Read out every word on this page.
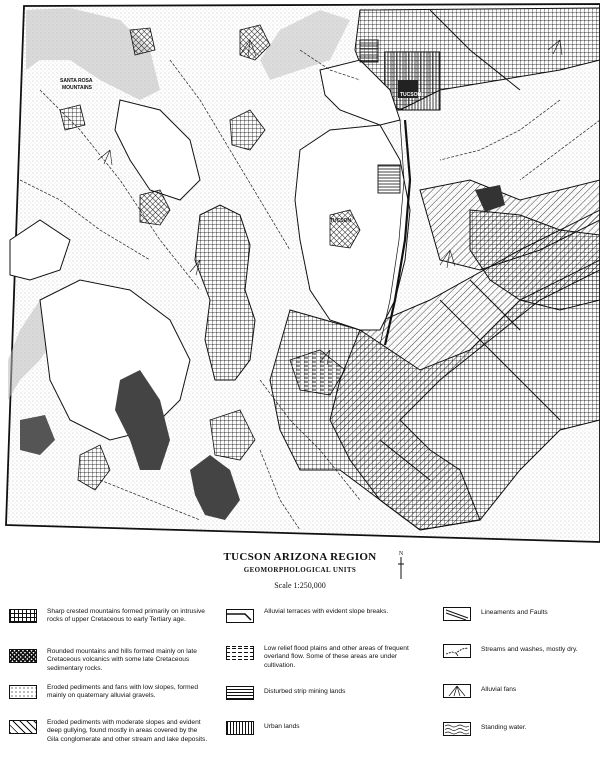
TUCSON
SANTA ROSA
MOUNTAINS
TUCSON
TUCSON ARIZONA REGION
GEOMORPHOLOGICAL UNITS
Scale 1:250,000
N
Sharp crested mountains formed primarily on intrusive rocks of upper Cretaceous to early Tertiary age.
Rounded mountains and hills formed mainly on late Cretaceous volcanics with some late Cretaceous sedimentary rocks.
Eroded pediments and fans with low slopes, formed mainly on quaternary alluvial gravels.
Eroded pediments with moderate slopes and evident deep gullying, found mostly in areas covered by the Gila conglomerate and other stream and lake deposits.
Alluvial terraces with evident slope breaks.
Low relief flood plains and other areas of frequent overland flow. Some of these areas are under cultivation.
Disturbed strip mining lands
Urban lands
Lineaments and Faults
Streams and washes, mostly dry.
Alluvial fans
Standing water.
